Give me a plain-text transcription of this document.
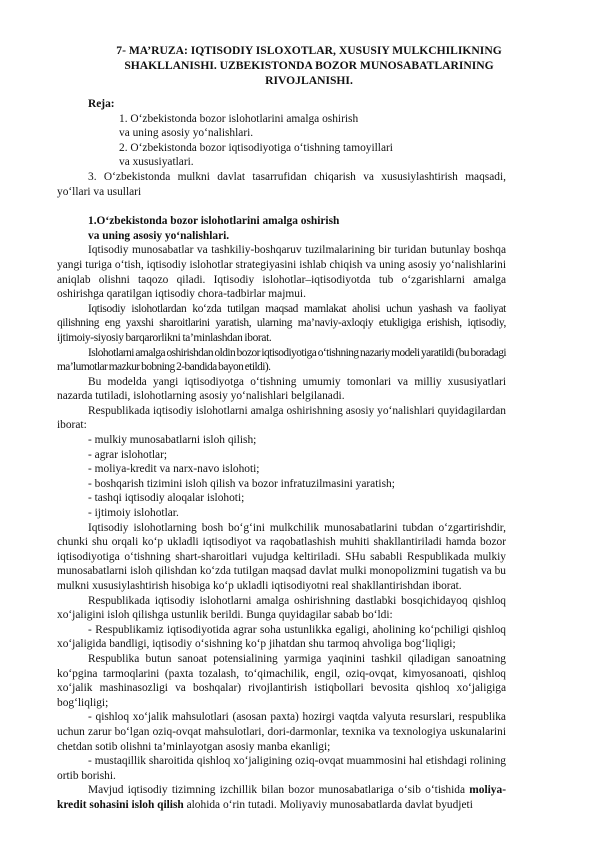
7- MA’RUZA: IQTISODIY ISLOXOTLAR, XUSUSIY MULKCHILIKNING SHAKLLANISHI. UZBEKISTONDA BOZOR MUNOSABATLARINING RIVOJLANISHI.
Reja:
1. O‘zbekistonda bozor islohotlarini amalga oshirish
va uning asosiy yo‘nalishlari.
2. O‘zbekistonda bozor iqtisodiyotiga o‘tishning tamoyillari
va xususiyatlari.

3. O‘zbekistonda mulkni davlat tasarrufidan chiqarish va xususiylashtirish maqsadi, yo‘llari va usullari

1.O‘zbekistonda bozor islohotlarini amalga oshirish
va uning asosiy yo‘nalishlari.

Iqtisodiy munosabatlar va tashkiliy-boshqaruv tuzilmalarining bir turidan butunlay boshqa yangi turiga o‘tish, iqtisodiy islohotlar strategiyasini ishlab chiqish va uning asosiy yo‘nalishlarini aniqlab olishni taqozo qiladi. Iqtisodiy islohotlar–iqtisodiyotda tub o‘zgarishlarni amalga oshirishga qaratilgan iqtisodiy chora-tadbirlar majmui.

Iqtisodiy islohotlardan ko‘zda tutilgan maqsad mamlakat aholisi uchun yashash va faoliyat qilishning eng yaxshi sharoitlarini yaratish, ularning ma’naviy-axloqiy etukligiga erishish, iqtisodiy, ijtimoiy-siyosiy barqarorlikni ta’minlashdan iborat.

Islohotlarni amalga oshirishdan oldin bozor iqtisodiyotiga o‘tishning nazariy modeli yaratildi (bu boradagi ma’lumotlar mazkur bobning 2-bandida bayon etildi).

Bu modelda yangi iqtisodiyotga o‘tishning umumiy tomonlari va milliy xususiyatlari nazarda tutiladi, islohotlarning asosiy yo‘nalishlari belgilanadi.

Respublikada iqtisodiy islohotlarni amalga oshirishning asosiy yo‘nalishlari quyidagilardan iborat:

- mulkiy munosabatlarni isloh qilish;
- agrar islohotlar;
- moliya-kredit va narx-navo islohoti;
- boshqarish tizimini isloh qilish va bozor infratuzilmasini yaratish;
- tashqi iqtisodiy aloqalar islohoti;
- ijtimoiy islohotlar.

Iqtisodiy islohotlarning bosh bo‘g‘ini mulkchilik munosabatlarini tubdan o‘zgartirishdir, chunki shu orqali ko‘p ukladli iqtisodiyot va raqobatlashish muhiti shakllantiriladi hamda bozor iqtisodiyotiga o‘tishning shart-sharoitlari vujudga keltiriladi. SHu sababli Respublikada mulkiy munosabatlarni isloh qilishdan ko‘zda tutilgan maqsad davlat mulki monopolizmini tugatish va bu mulkni xususiylashtirish hisobiga ko‘p ukladli iqtisodiyotni real shakllantirishdan iborat.

Respublikada iqtisodiy islohotlarni amalga oshirishning dastlabki bosqichidayoq qishloq xo‘jaligini isloh qilishga ustunlik berildi. Bunga quyidagilar sabab bo‘ldi:

- Respublikamiz iqtisodiyotida agrar soha ustunlikka egaligi, aholining ko‘pchiligi qishloq xo‘jaligida bandligi, iqtisodiy o‘sishning ko‘p jihatdan shu tarmoq ahvoliga bog‘liqligi;

Respublika butun sanoat potensialining yarmiga yaqinini tashkil qiladigan sanoatning ko‘pgina tarmoqlarini (paxta tozalash, to‘qimachilik, engil, oziq-ovqat, kimyosanoati, qishloq xo‘jalik mashinasozligi va boshqalar) rivojlantirish istiqbollari bevosita qishloq xo‘jaligiga bog‘liqligi;

- qishloq xo‘jalik mahsulotlari (asosan paxta) hozirgi vaqtda valyuta resurslari, respublika uchun zarur bo‘lgan oziq-ovqat mahsulotlari, dori-darmonlar, texnika va texnologiya uskunalarini chetdan sotib olishni ta’minlayotgan asosiy manba ekanligi;

- mustaqillik sharoitida qishloq xo‘jaligining oziq-ovqat muammosini hal etishdagi rolining ortib borishi.

Mavjud iqtisodiy tizimning izchillik bilan bozor munosabatlariga o‘sib o‘tishida moliya-kredit sohasini isloh qilish alohida o‘rin tutadi. Moliyaviy munosabatlarda davlat byudjeti
